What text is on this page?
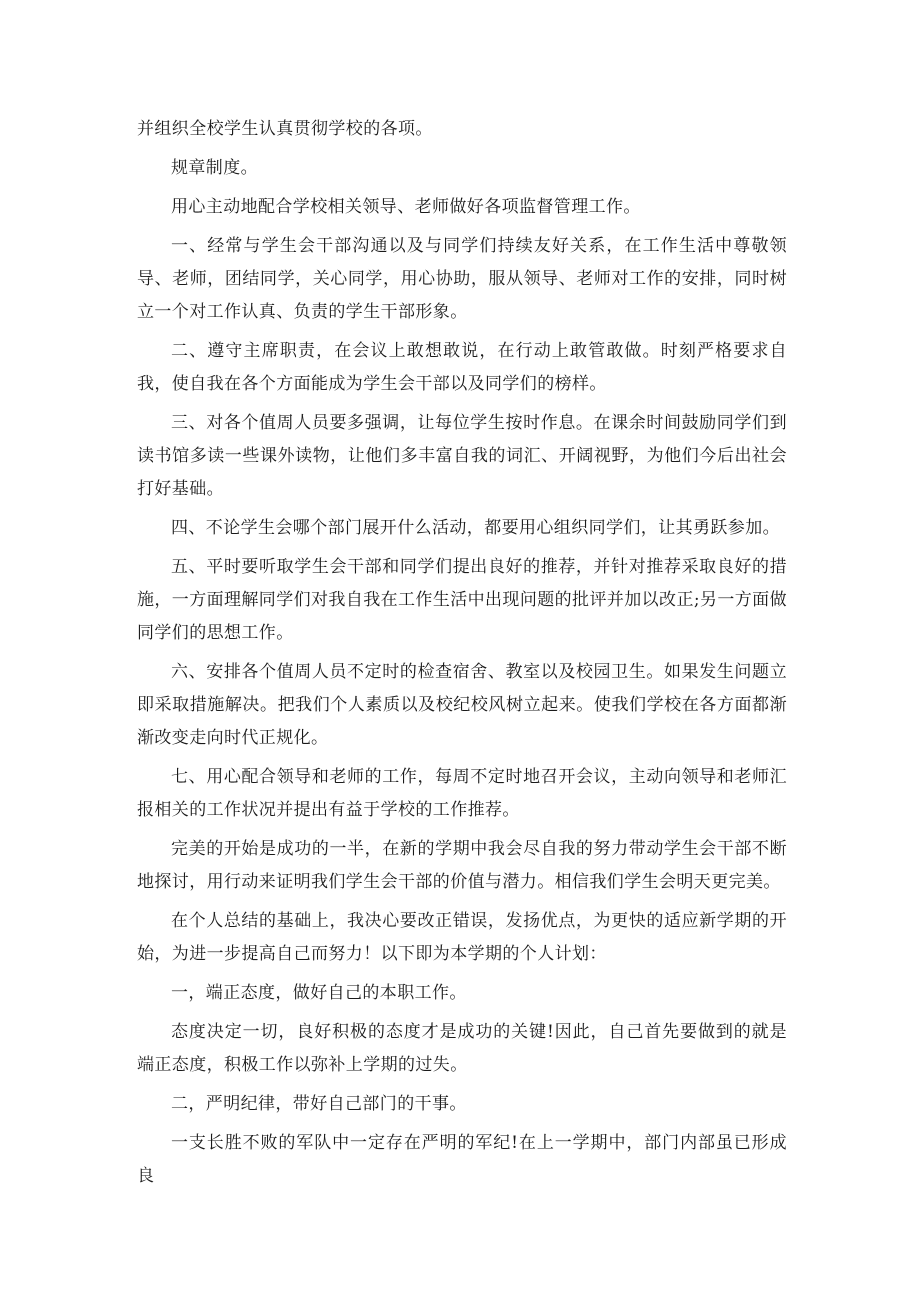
并组织全校学生认真贯彻学校的各项。

规章制度。

用心主动地配合学校相关领导、老师做好各项监督管理工作。

一、经常与学生会干部沟通以及与同学们持续友好关系，在工作生活中尊敬领导、老师，团结同学，关心同学，用心协助，服从领导、老师对工作的安排，同时树立一个对工作认真、负责的学生干部形象。

二、遵守主席职责，在会议上敢想敢说，在行动上敢管敢做。时刻严格要求自我，使自我在各个方面能成为学生会干部以及同学们的榜样。

三、对各个值周人员要多强调，让每位学生按时作息。在课余时间鼓励同学们到读书馆多读一些课外读物，让他们多丰富自我的词汇、开阔视野，为他们今后出社会打好基础。

四、不论学生会哪个部门展开什么活动，都要用心组织同学们，让其勇跃参加。

五、平时要听取学生会干部和同学们提出良好的推荐，并针对推荐采取良好的措施，一方面理解同学们对我自我在工作生活中出现问题的批评并加以改正;另一方面做同学们的思想工作。

六、安排各个值周人员不定时的检查宿舍、教室以及校园卫生。如果发生问题立即采取措施解决。把我们个人素质以及校纪校风树立起来。使我们学校在各方面都渐渐改变走向时代正规化。

七、用心配合领导和老师的工作，每周不定时地召开会议，主动向领导和老师汇报相关的工作状况并提出有益于学校的工作推荐。

完美的开始是成功的一半，在新的学期中我会尽自我的努力带动学生会干部不断地探讨，用行动来证明我们学生会干部的价值与潜力。相信我们学生会明天更完美。

在个人总结的基础上，我决心要改正错误，发扬优点，为更快的适应新学期的开始，为进一步提高自己而努力！以下即为本学期的个人计划：

一，端正态度，做好自己的本职工作。

态度决定一切，良好积极的态度才是成功的关键!因此，自己首先要做到的就是端正态度，积极工作以弥补上学期的过失。

二，严明纪律，带好自己部门的干事。

一支长胜不败的军队中一定存在严明的军纪!在上一学期中，部门内部虽已形成良
